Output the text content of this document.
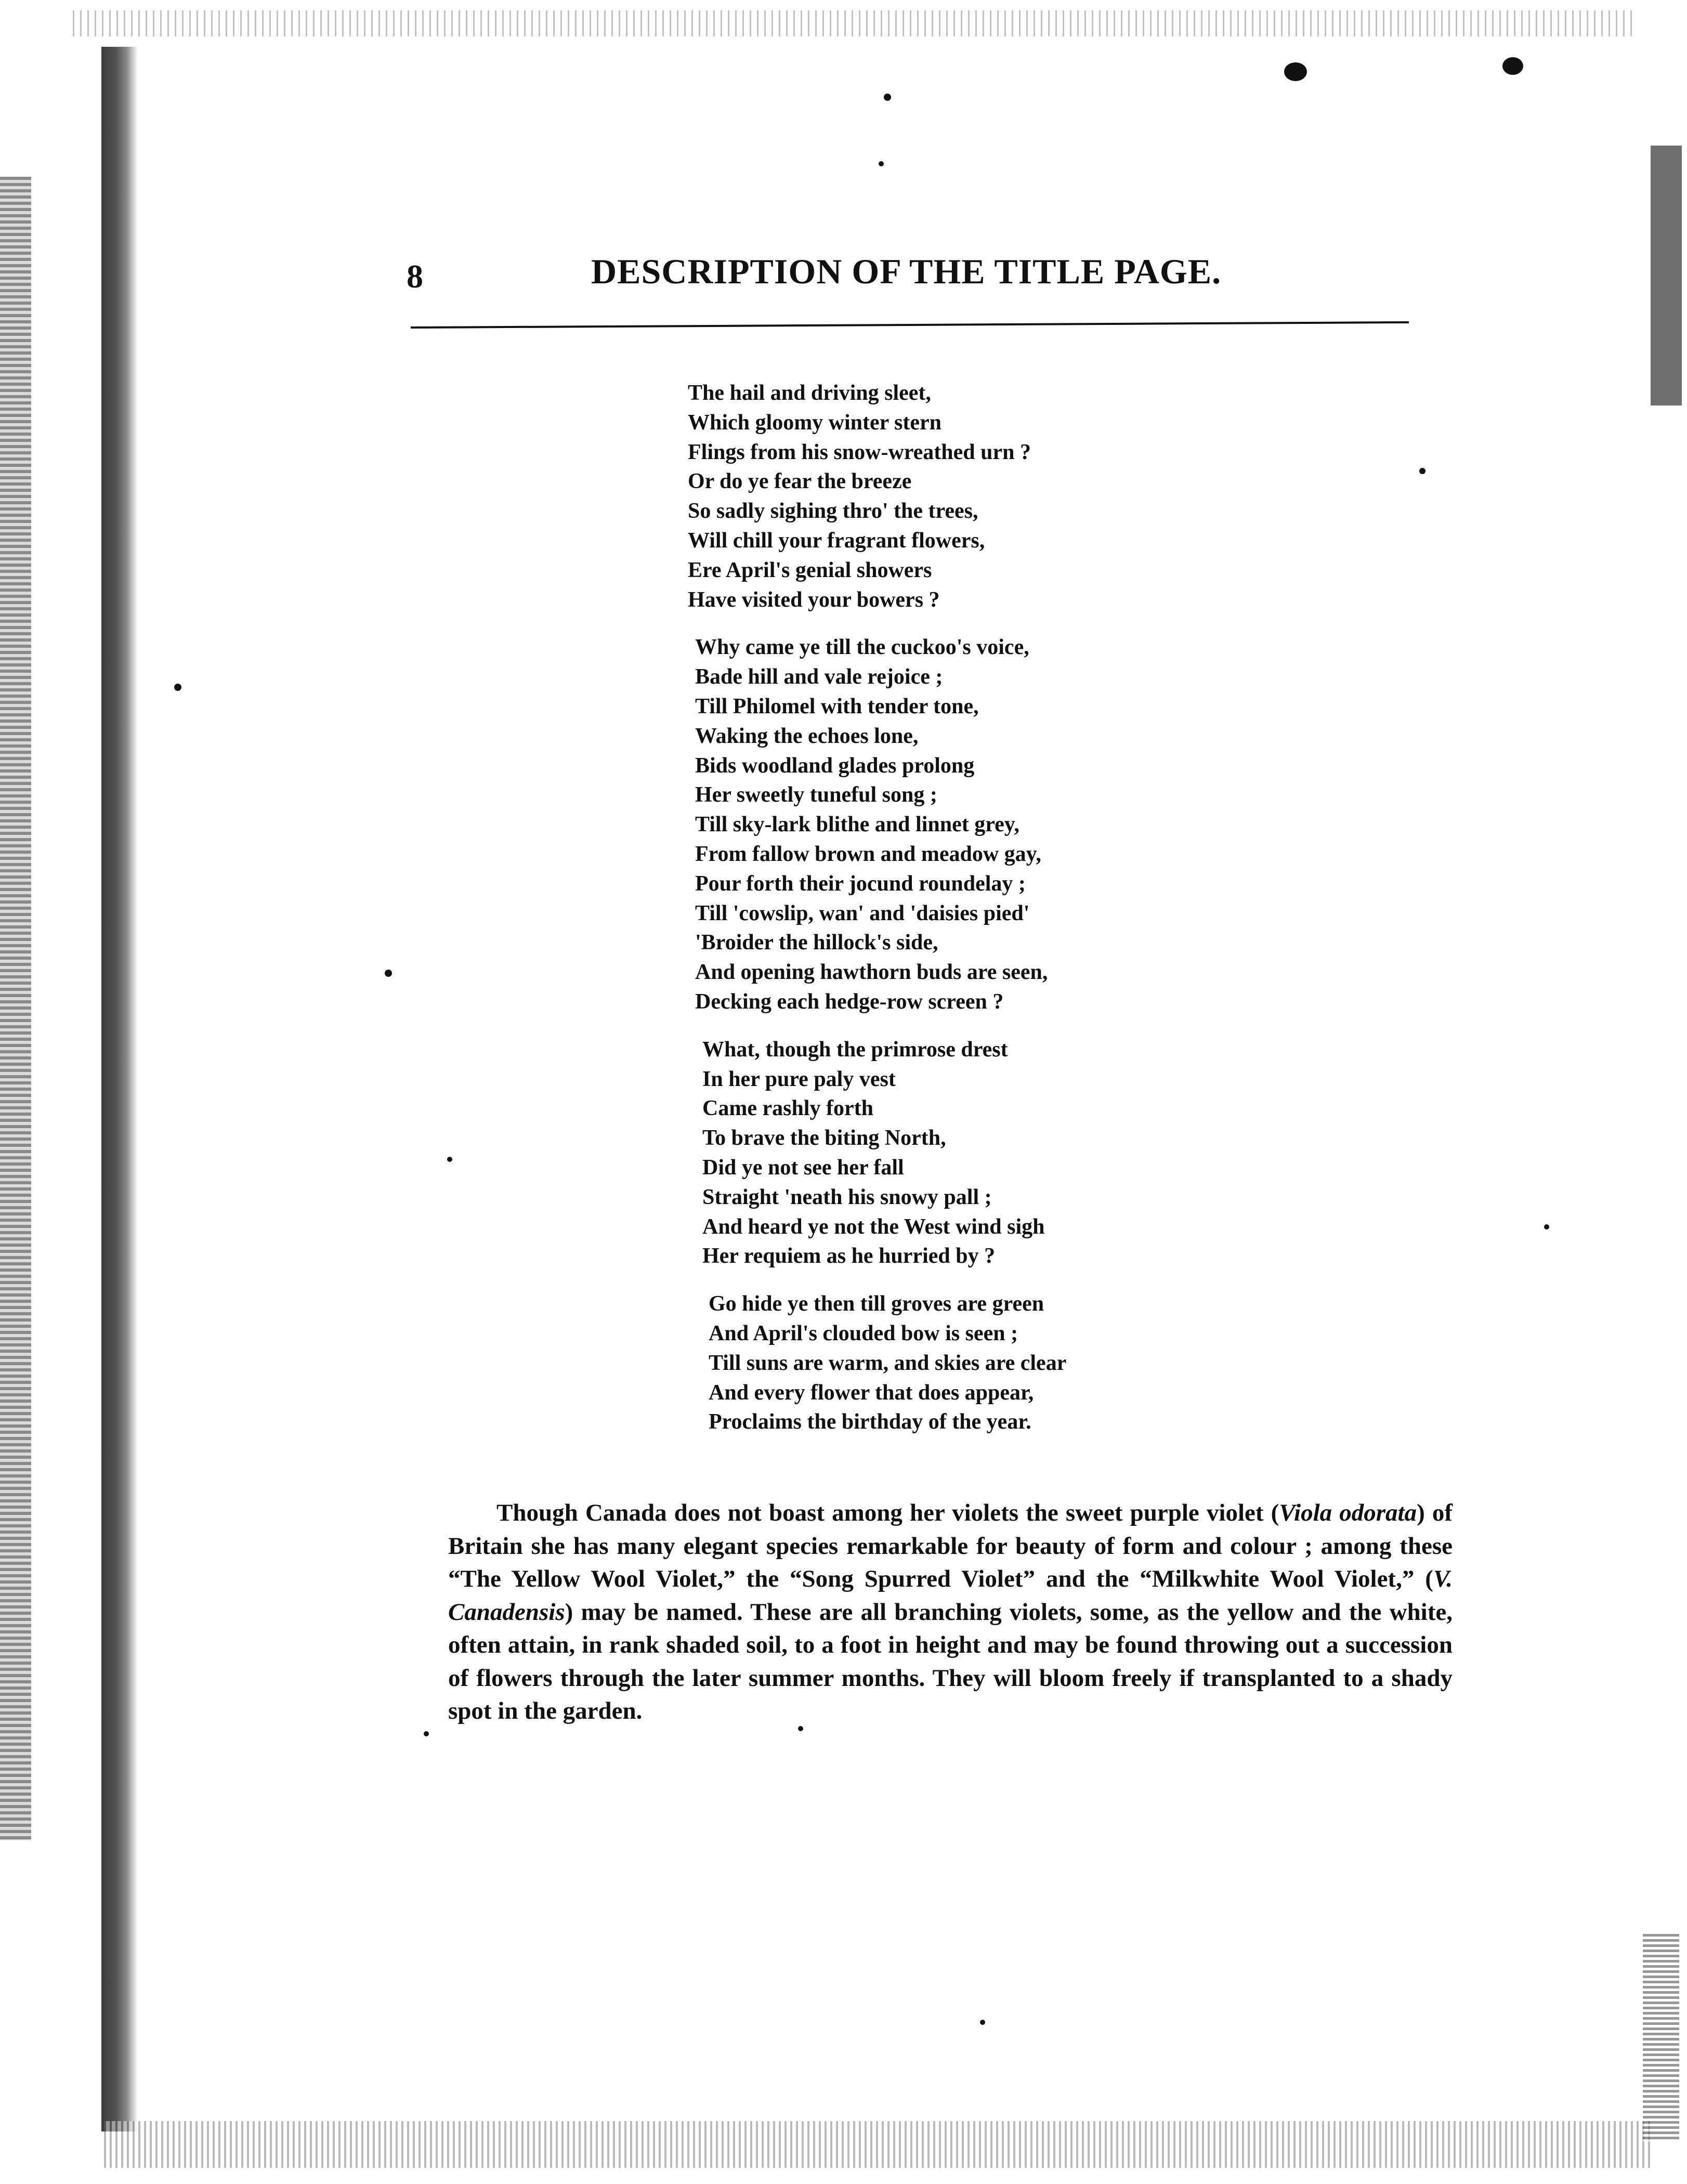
8	DESCRIPTION OF THE TITLE PAGE.
The hail and driving sleet,
Which gloomy winter stern
Flings from his snow-wreathed urn ?
Or do ye fear the breeze
So sadly sighing thro' the trees,
Will chill your fragrant flowers,
Ere April's genial showers
Have visited your bowers ?
Why came ye till the cuckoo's voice,
Bade hill and vale rejoice ;
Till Philomel with tender tone,
Waking the echoes lone,
Bids woodland glades prolong
Her sweetly tuneful song ;
Till sky-lark blithe and linnet grey,
From fallow brown and meadow gay,
Pour forth their jocund roundelay ;
Till 'cowslip, wan' and 'daisies pied'
'Broider the hillock's side,
And opening hawthorn buds are seen,
Decking each hedge-row screen ?
What, though the primrose drest
In her pure paly vest
Came rashly forth
To brave the biting North,
Did ye not see her fall
Straight 'neath his snowy pall ;
And heard ye not the West wind sigh
Her requiem as he hurried by ?
Go hide ye then till groves are green
And April's clouded bow is seen ;
Till suns are warm, and skies are clear
And every flower that does appear,
Proclaims the birthday of the year.

Though Canada does not boast among her violets the sweet purple violet (Viola odorata) of Britain she has many elegant species remarkable for beauty of form and colour ; among these “The Yellow Wool Violet,” the “Song Spurred Violet” and the “Milkwhite Wool Violet,” (V. Canadensis) may be named. These are all branching violets, some, as the yellow and the white, often attain, in rank shaded soil, to a foot in height and may be found throwing out a succession of flowers through the later summer months. They will bloom freely if transplanted to a shady spot in the garden.
